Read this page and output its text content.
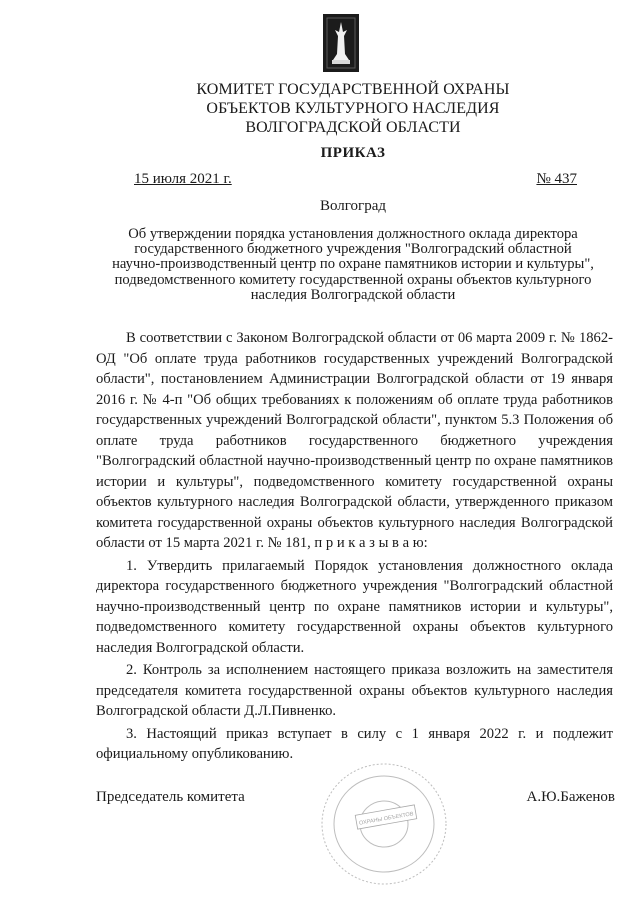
КОМИТЕТ ГОСУДАРСТВЕННОЙ ОХРАНЫ
ОБЪЕКТОВ КУЛЬТУРНОГО НАСЛЕДИЯ
ВОЛГОГРАДСКОЙ ОБЛАСТИ
ПРИКАЗ
15 июля 2021 г.	№ 437
Волгоград
Об утверждении порядка установления должностного оклада директора
государственного бюджетного учреждения "Волгоградский областной
научно-производственный центр по охране памятников истории и культуры",
подведомственного комитету государственной охраны объектов культурного
наследия Волгоградской области

В соответствии с Законом Волгоградской области от 06 марта 2009 г. № 1862-ОД "Об оплате труда работников государственных учреждений Волгоградской области", постановлением Администрации Волгоградской области от 19 января 2016 г. № 4-п "Об общих требованиях к положениям об оплате труда работников государственных учреждений Волгоградской области", пунктом 5.3 Положения об оплате труда работников государственного бюджетного учреждения "Волгоградский областной научно-производственный центр по охране памятников истории и культуры", подведомственного комитету государственной охраны объектов культурного наследия Волгоградской области, утвержденного приказом комитета государственной охраны объектов культурного наследия Волгоградской области от 15 марта 2021 г. № 181, п р и к а з ы в а ю:

1. Утвердить прилагаемый Порядок установления должностного оклада директора государственного бюджетного учреждения "Волгоградский областной научно-производственный центр по охране памятников истории и культуры", подведомственного комитету государственной охраны объектов культурного наследия Волгоградской области.

2. Контроль за исполнением настоящего приказа возложить на заместителя председателя комитета государственной охраны объектов культурного наследия Волгоградской области Д.Л.Пивненко.

3. Настоящий приказ вступает в силу с 1 января 2022 г. и подлежит официальному опубликованию.

ОХРАНЫ ОБЪЕКТОВ
Председатель комитета	А.Ю.Баженов
